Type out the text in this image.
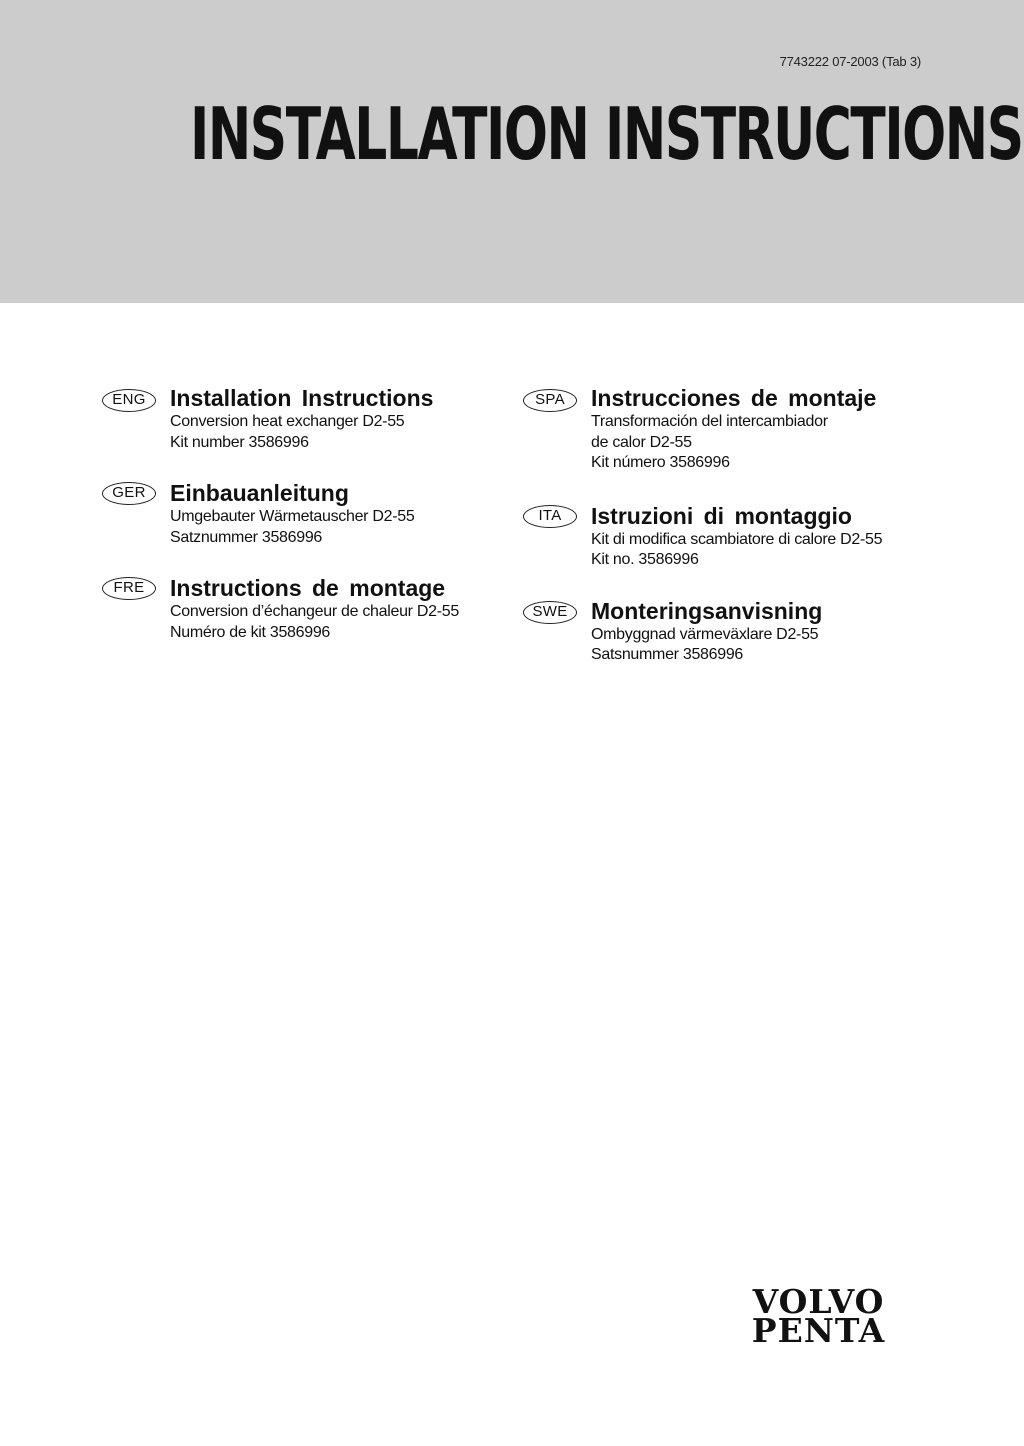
7743222 07-2003 (Tab 3)
INSTALLATION INSTRUCTIONS
ENG	Installation Instructions
Conversion heat exchanger D2-55
Kit number 3586996
GER	Einbauanleitung
Umgebauter Wärmetauscher D2-55
Satznummer 3586996
FRE	Instructions de montage
Conversion d’échangeur de chaleur D2-55
Numéro de kit 3586996
SPA	Instrucciones de montaje
Transformación del intercambiador
de calor D2-55
Kit número 3586996
ITA	Istruzioni di montaggio
Kit di modifica scambiatore di calore D2-55
Kit no. 3586996
SWE	Monteringsanvisning
Ombyggnad värmeväxlare D2-55
Satsnummer 3586996
VOLVO
PENTA
